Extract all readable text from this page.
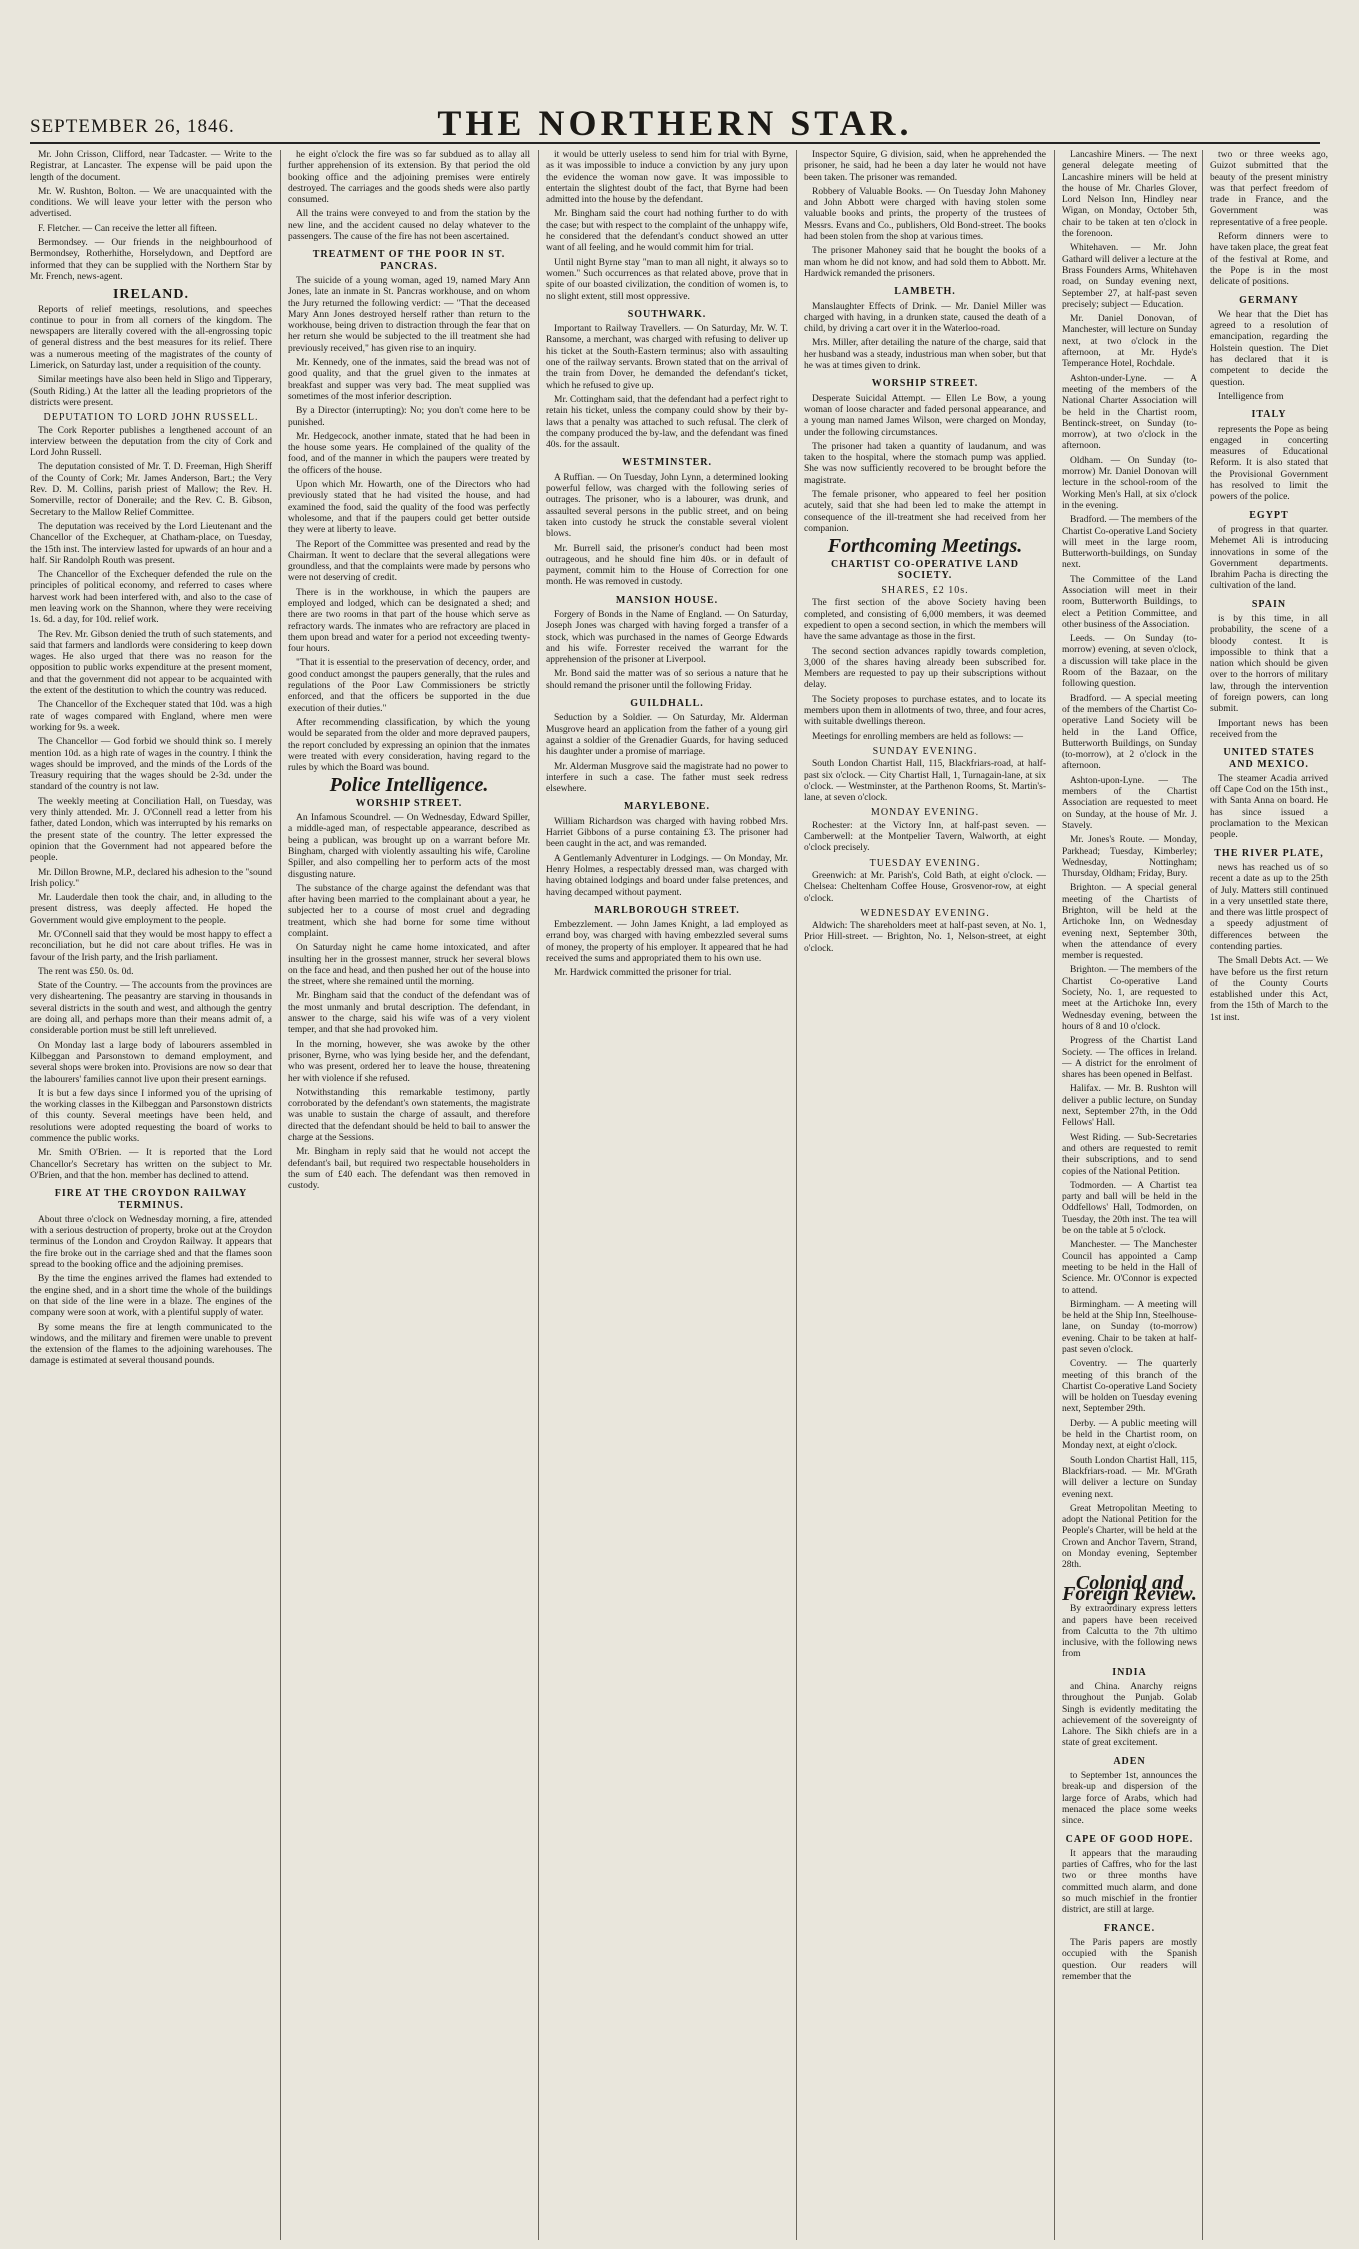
SEPTEMBER 26, 1846.	THE NORTHERN STAR.

Mr. John Crisson, Clifford, near Tadcaster. — Write to the Registrar, at Lancaster. The expense will be paid upon the length of the document.

Mr. W. Rushton, Bolton. — We are unacquainted with the conditions. We will leave your letter with the person who advertised.

F. Fletcher. — Can receive the letter all fifteen.

Bermondsey. — Our friends in the neighbourhood of Bermondsey, Rotherhithe, Horselydown, and Deptford are informed that they can be supplied with the Northern Star by Mr. French, news-agent.

IRELAND.

Reports of relief meetings, resolutions, and speeches continue to pour in from all corners of the kingdom. The newspapers are literally covered with the all-engrossing topic of general distress and the best measures for its relief. There was a numerous meeting of the magistrates of the county of Limerick, on Saturday last, under a requisition of the county.

Similar meetings have also been held in Sligo and Tipperary, (South Riding.) At the latter all the leading proprietors of the districts were present.

DEPUTATION TO LORD JOHN RUSSELL.

The Cork Reporter publishes a lengthened account of an interview between the deputation from the city of Cork and Lord John Russell.

The deputation consisted of Mr. T. D. Freeman, High Sheriff of the County of Cork; Mr. James Anderson, Bart.; the Very Rev. D. M. Collins, parish priest of Mallow; the Rev. H. Somerville, rector of Doneraile; and the Rev. C. B. Gibson, Secretary to the Mallow Relief Committee.

The deputation was received by the Lord Lieutenant and the Chancellor of the Exchequer, at Chatham-place, on Tuesday, the 15th inst. The interview lasted for upwards of an hour and a half. Sir Randolph Routh was present.

The Chancellor of the Exchequer defended the rule on the principles of political economy, and referred to cases where harvest work had been interfered with, and also to the case of men leaving work on the Shannon, where they were receiving 1s. 6d. a day, for 10d. relief work.

The Rev. Mr. Gibson denied the truth of such statements, and said that farmers and landlords were considering to keep down wages. He also urged that there was no reason for the opposition to public works expenditure at the present moment, and that the government did not appear to be acquainted with the extent of the destitution to which the country was reduced.

The Chancellor of the Exchequer stated that 10d. was a high rate of wages compared with England, where men were working for 9s. a week.

The Chancellor — God forbid we should think so. I merely mention 10d. as a high rate of wages in the country. I think the wages should be improved, and the minds of the Lords of the Treasury requiring that the wages should be 2-3d. under the standard of the country is not law.

The weekly meeting at Conciliation Hall, on Tuesday, was very thinly attended. Mr. J. O'Connell read a letter from his father, dated London, which was interrupted by his remarks on the present state of the country. The letter expressed the opinion that the Government had not appeared before the people.

Mr. Dillon Browne, M.P., declared his adhesion to the "sound Irish policy."

Mr. Lauderdale then took the chair, and, in alluding to the present distress, was deeply affected. He hoped the Government would give employment to the people.

Mr. O'Connell said that they would be most happy to effect a reconciliation, but he did not care about trifles. He was in favour of the Irish party, and the Irish parliament.

The rent was £50. 0s. 0d.

State of the Country. — The accounts from the provinces are very disheartening. The peasantry are starving in thousands in several districts in the south and west, and although the gentry are doing all, and perhaps more than their means admit of, a considerable portion must be still left unrelieved.

On Monday last a large body of labourers assembled in Kilbeggan and Parsonstown to demand employment, and several shops were broken into. Provisions are now so dear that the labourers' families cannot live upon their present earnings.

It is but a few days since I informed you of the uprising of the working classes in the Kilbeggan and Parsonstown districts of this county. Several meetings have been held, and resolutions were adopted requesting the board of works to commence the public works.

Mr. Smith O'Brien. — It is reported that the Lord Chancellor's Secretary has written on the subject to Mr. O'Brien, and that the hon. member has declined to attend.

FIRE AT THE CROYDON RAILWAY TERMINUS.

About three o'clock on Wednesday morning, a fire, attended with a serious destruction of property, broke out at the Croydon terminus of the London and Croydon Railway. It appears that the fire broke out in the carriage shed and that the flames soon spread to the booking office and the adjoining premises.

By the time the engines arrived the flames had extended to the engine shed, and in a short time the whole of the buildings on that side of the line were in a blaze. The engines of the company were soon at work, with a plentiful supply of water.

By some means the fire at length communicated to the windows, and the military and firemen were unable to prevent the extension of the flames to the adjoining warehouses. The damage is estimated at several thousand pounds.

he eight o'clock the fire was so far subdued as to allay all further apprehension of its extension. By that period the old booking office and the adjoining premises were entirely destroyed. The carriages and the goods sheds were also partly consumed.

All the trains were conveyed to and from the station by the new line, and the accident caused no delay whatever to the passengers. The cause of the fire has not been ascertained.

TREATMENT OF THE POOR IN ST. PANCRAS.

The suicide of a young woman, aged 19, named Mary Ann Jones, late an inmate in St. Pancras workhouse, and on whom the Jury returned the following verdict: — "That the deceased Mary Ann Jones destroyed herself rather than return to the workhouse, being driven to distraction through the fear that on her return she would be subjected to the ill treatment she had previously received," has given rise to an inquiry.

Mr. Kennedy, one of the inmates, said the bread was not of good quality, and that the gruel given to the inmates at breakfast and supper was very bad. The meat supplied was sometimes of the most inferior description.

By a Director (interrupting): No; you don't come here to be punished.

Mr. Hedgecock, another inmate, stated that he had been in the house some years. He complained of the quality of the food, and of the manner in which the paupers were treated by the officers of the house.

Upon which Mr. Howarth, one of the Directors who had previously stated that he had visited the house, and had examined the food, said the quality of the food was perfectly wholesome, and that if the paupers could get better outside they were at liberty to leave.

The Report of the Committee was presented and read by the Chairman. It went to declare that the several allegations were groundless, and that the complaints were made by persons who were not deserving of credit.

There is in the workhouse, in which the paupers are employed and lodged, which can be designated a shed; and there are two rooms in that part of the house which serve as refractory wards. The inmates who are refractory are placed in them upon bread and water for a period not exceeding twenty-four hours.

"That it is essential to the preservation of decency, order, and good conduct amongst the paupers generally, that the rules and regulations of the Poor Law Commissioners be strictly enforced, and that the officers be supported in the due execution of their duties."

After recommending classification, by which the young would be separated from the older and more depraved paupers, the report concluded by expressing an opinion that the inmates were treated with every consideration, having regard to the rules by which the Board was bound.

Police Intelligence.

WORSHIP STREET.

An Infamous Scoundrel. — On Wednesday, Edward Spiller, a middle-aged man, of respectable appearance, described as being a publican, was brought up on a warrant before Mr. Bingham, charged with violently assaulting his wife, Caroline Spiller, and also compelling her to perform acts of the most disgusting nature.

The substance of the charge against the defendant was that after having been married to the complainant about a year, he subjected her to a course of most cruel and degrading treatment, which she had borne for some time without complaint.

On Saturday night he came home intoxicated, and after insulting her in the grossest manner, struck her several blows on the face and head, and then pushed her out of the house into the street, where she remained until the morning.

Mr. Bingham said that the conduct of the defendant was of the most unmanly and brutal description. The defendant, in answer to the charge, said his wife was of a very violent temper, and that she had provoked him.

In the morning, however, she was awoke by the other prisoner, Byrne, who was lying beside her, and the defendant, who was present, ordered her to leave the house, threatening her with violence if she refused.

Notwithstanding this remarkable testimony, partly corroborated by the defendant's own statements, the magistrate was unable to sustain the charge of assault, and therefore directed that the defendant should be held to bail to answer the charge at the Sessions.

Mr. Bingham in reply said that he would not accept the defendant's bail, but required two respectable householders in the sum of £40 each. The defendant was then removed in custody.

it would be utterly useless to send him for trial with Byrne, as it was impossible to induce a conviction by any jury upon the evidence the woman now gave. It was impossible to entertain the slightest doubt of the fact, that Byrne had been admitted into the house by the defendant.

Mr. Bingham said the court had nothing further to do with the case; but with respect to the complaint of the unhappy wife, he considered that the defendant's conduct showed an utter want of all feeling, and he would commit him for trial.

Until night Byrne stay "man to man all night, it always so to women." Such occurrences as that related above, prove that in spite of our boasted civilization, the condition of women is, to no slight extent, still most oppressive.

SOUTHWARK.

Important to Railway Travellers. — On Saturday, Mr. W. T. Ransome, a merchant, was charged with refusing to deliver up his ticket at the South-Eastern terminus; also with assaulting one of the railway servants. Brown stated that on the arrival of the train from Dover, he demanded the defendant's ticket, which he refused to give up.

Mr. Cottingham said, that the defendant had a perfect right to retain his ticket, unless the company could show by their by-laws that a penalty was attached to such refusal. The clerk of the company produced the by-law, and the defendant was fined 40s. for the assault.

WESTMINSTER.

A Ruffian. — On Tuesday, John Lynn, a determined looking powerful fellow, was charged with the following series of outrages. The prisoner, who is a labourer, was drunk, and assaulted several persons in the public street, and on being taken into custody he struck the constable several violent blows.

Mr. Burrell said, the prisoner's conduct had been most outrageous, and he should fine him 40s. or in default of payment, commit him to the House of Correction for one month. He was removed in custody.

MANSION HOUSE.

Forgery of Bonds in the Name of England. — On Saturday, Joseph Jones was charged with having forged a transfer of a stock, which was purchased in the names of George Edwards and his wife. Forrester received the warrant for the apprehension of the prisoner at Liverpool.

Mr. Bond said the matter was of so serious a nature that he should remand the prisoner until the following Friday.

GUILDHALL.

Seduction by a Soldier. — On Saturday, Mr. Alderman Musgrove heard an application from the father of a young girl against a soldier of the Grenadier Guards, for having seduced his daughter under a promise of marriage.

Mr. Alderman Musgrove said the magistrate had no power to interfere in such a case. The father must seek redress elsewhere.

MARYLEBONE.

William Richardson was charged with having robbed Mrs. Harriet Gibbons of a purse containing £3. The prisoner had been caught in the act, and was remanded.

A Gentlemanly Adventurer in Lodgings. — On Monday, Mr. Henry Holmes, a respectably dressed man, was charged with having obtained lodgings and board under false pretences, and having decamped without payment.

MARLBOROUGH STREET.

Embezzlement. — John James Knight, a lad employed as errand boy, was charged with having embezzled several sums of money, the property of his employer. It appeared that he had received the sums and appropriated them to his own use.

Mr. Hardwick committed the prisoner for trial.

Inspector Squire, G division, said, when he apprehended the prisoner, he said, had he been a day later he would not have been taken. The prisoner was remanded.

Robbery of Valuable Books. — On Tuesday John Mahoney and John Abbott were charged with having stolen some valuable books and prints, the property of the trustees of Messrs. Evans and Co., publishers, Old Bond-street. The books had been stolen from the shop at various times.

The prisoner Mahoney said that he bought the books of a man whom he did not know, and had sold them to Abbott. Mr. Hardwick remanded the prisoners.

LAMBETH.

Manslaughter Effects of Drink. — Mr. Daniel Miller was charged with having, in a drunken state, caused the death of a child, by driving a cart over it in the Waterloo-road.

Mrs. Miller, after detailing the nature of the charge, said that her husband was a steady, industrious man when sober, but that he was at times given to drink.

WORSHIP STREET.

Desperate Suicidal Attempt. — Ellen Le Bow, a young woman of loose character and faded personal appearance, and a young man named James Wilson, were charged on Monday, under the following circumstances.

The prisoner had taken a quantity of laudanum, and was taken to the hospital, where the stomach pump was applied. She was now sufficiently recovered to be brought before the magistrate.

The female prisoner, who appeared to feel her position acutely, said that she had been led to make the attempt in consequence of the ill-treatment she had received from her companion.

Forthcoming Meetings.

CHARTIST CO-OPERATIVE LAND SOCIETY.

SHARES, £2 10s.

The first section of the above Society having been completed, and consisting of 6,000 members, it was deemed expedient to open a second section, in which the members will have the same advantage as those in the first.

The second section advances rapidly towards completion, 3,000 of the shares having already been subscribed for. Members are requested to pay up their subscriptions without delay.

The Society proposes to purchase estates, and to locate its members upon them in allotments of two, three, and four acres, with suitable dwellings thereon.

Meetings for enrolling members are held as follows: —

SUNDAY EVENING.

South London Chartist Hall, 115, Blackfriars-road, at half-past six o'clock. — City Chartist Hall, 1, Turnagain-lane, at six o'clock. — Westminster, at the Parthenon Rooms, St. Martin's-lane, at seven o'clock.

MONDAY EVENING.

Rochester: at the Victory Inn, at half-past seven. — Camberwell: at the Montpelier Tavern, Walworth, at eight o'clock precisely.

TUESDAY EVENING.

Greenwich: at Mr. Parish's, Cold Bath, at eight o'clock. — Chelsea: Cheltenham Coffee House, Grosvenor-row, at eight o'clock.

WEDNESDAY EVENING.

Aldwich: The shareholders meet at half-past seven, at No. 1, Prior Hill-street. — Brighton, No. 1, Nelson-street, at eight o'clock.

Lancashire Miners. — The next general delegate meeting of Lancashire miners will be held at the house of Mr. Charles Glover, Lord Nelson Inn, Hindley near Wigan, on Monday, October 5th, chair to be taken at ten o'clock in the forenoon.

Whitehaven. — Mr. John Gathard will deliver a lecture at the Brass Founders Arms, Whitehaven road, on Sunday evening next, September 27, at half-past seven precisely; subject — Education.

Mr. Daniel Donovan, of Manchester, will lecture on Sunday next, at two o'clock in the afternoon, at Mr. Hyde's Temperance Hotel, Rochdale.

Ashton-under-Lyne. — A meeting of the members of the National Charter Association will be held in the Chartist room, Bentinck-street, on Sunday (to-morrow), at two o'clock in the afternoon.

Oldham. — On Sunday (to-morrow) Mr. Daniel Donovan will lecture in the school-room of the Working Men's Hall, at six o'clock in the evening.

Bradford. — The members of the Chartist Co-operative Land Society will meet in the large room, Butterworth-buildings, on Sunday next.

The Committee of the Land Association will meet in their room, Butterworth Buildings, to elect a Petition Committee, and other business of the Association.

Leeds. — On Sunday (to-morrow) evening, at seven o'clock, a discussion will take place in the Room of the Bazaar, on the following question.

Bradford. — A special meeting of the members of the Chartist Co-operative Land Society will be held in the Land Office, Butterworth Buildings, on Sunday (to-morrow), at 2 o'clock in the afternoon.

Ashton-upon-Lyne. — The members of the Chartist Association are requested to meet on Sunday, at the house of Mr. J. Stavely.

Mr. Jones's Route. — Monday, Parkhead; Tuesday, Kimberley; Wednesday, Nottingham; Thursday, Oldham; Friday, Bury.

Brighton. — A special general meeting of the Chartists of Brighton, will be held at the Artichoke Inn, on Wednesday evening next, September 30th, when the attendance of every member is requested.

Brighton. — The members of the Chartist Co-operative Land Society, No. 1, are requested to meet at the Artichoke Inn, every Wednesday evening, between the hours of 8 and 10 o'clock.

Progress of the Chartist Land Society. — The offices in Ireland. — A district for the enrolment of shares has been opened in Belfast.

Halifax. — Mr. B. Rushton will deliver a public lecture, on Sunday next, September 27th, in the Odd Fellows' Hall.

West Riding. — Sub-Secretaries and others are requested to remit their subscriptions, and to send copies of the National Petition.

Todmorden. — A Chartist tea party and ball will be held in the Oddfellows' Hall, Todmorden, on Tuesday, the 20th inst. The tea will be on the table at 5 o'clock.

Manchester. — The Manchester Council has appointed a Camp meeting to be held in the Hall of Science. Mr. O'Connor is expected to attend.

Birmingham. — A meeting will be held at the Ship Inn, Steelhouse-lane, on Sunday (to-morrow) evening. Chair to be taken at half-past seven o'clock.

Coventry. — The quarterly meeting of this branch of the Chartist Co-operative Land Society will be holden on Tuesday evening next, September 29th.

Derby. — A public meeting will be held in the Chartist room, on Monday next, at eight o'clock.

South London Chartist Hall, 115, Blackfriars-road. — Mr. M'Grath will deliver a lecture on Sunday evening next.

Great Metropolitan Meeting to adopt the National Petition for the People's Charter, will be held at the Crown and Anchor Tavern, Strand, on Monday evening, September 28th.

Colonial and Foreign Review.

By extraordinary express letters and papers have been received from Calcutta to the 7th ultimo inclusive, with the following news from

INDIA

and China. Anarchy reigns throughout the Punjab. Golab Singh is evidently meditating the achievement of the sovereignty of Lahore. The Sikh chiefs are in a state of great excitement.

ADEN

to September 1st, announces the break-up and dispersion of the large force of Arabs, which had menaced the place some weeks since.

CAPE OF GOOD HOPE.

It appears that the marauding parties of Caffres, who for the last two or three months have committed much alarm, and done so much mischief in the frontier district, are still at large.

FRANCE.

The Paris papers are mostly occupied with the Spanish question. Our readers will remember that the

two or three weeks ago, Guizot submitted that the beauty of the present ministry was that perfect freedom of trade in France, and the Government was representative of a free people.

Reform dinners were to have taken place, the great feat of the festival at Rome, and the Pope is in the most delicate of positions.

GERMANY

We hear that the Diet has agreed to a resolution of emancipation, regarding the Holstein question. The Diet has declared that it is competent to decide the question.

Intelligence from

ITALY

represents the Pope as being engaged in concerting measures of Educational Reform. It is also stated that the Provisional Government has resolved to limit the powers of the police.

EGYPT

of progress in that quarter. Mehemet Ali is introducing innovations in some of the Government departments. Ibrahim Pacha is directing the cultivation of the land.

SPAIN

is by this time, in all probability, the scene of a bloody contest. It is impossible to think that a nation which should be given over to the horrors of military law, through the intervention of foreign powers, can long submit.

Important news has been received from the

UNITED STATES AND MEXICO.

The steamer Acadia arrived off Cape Cod on the 15th inst., with Santa Anna on board. He has since issued a proclamation to the Mexican people.

THE RIVER PLATE,

news has reached us of so recent a date as up to the 25th of July. Matters still continued in a very unsettled state there, and there was little prospect of a speedy adjustment of differences between the contending parties.

The Small Debts Act. — We have before us the first return of the County Courts established under this Act, from the 15th of March to the 1st inst.
